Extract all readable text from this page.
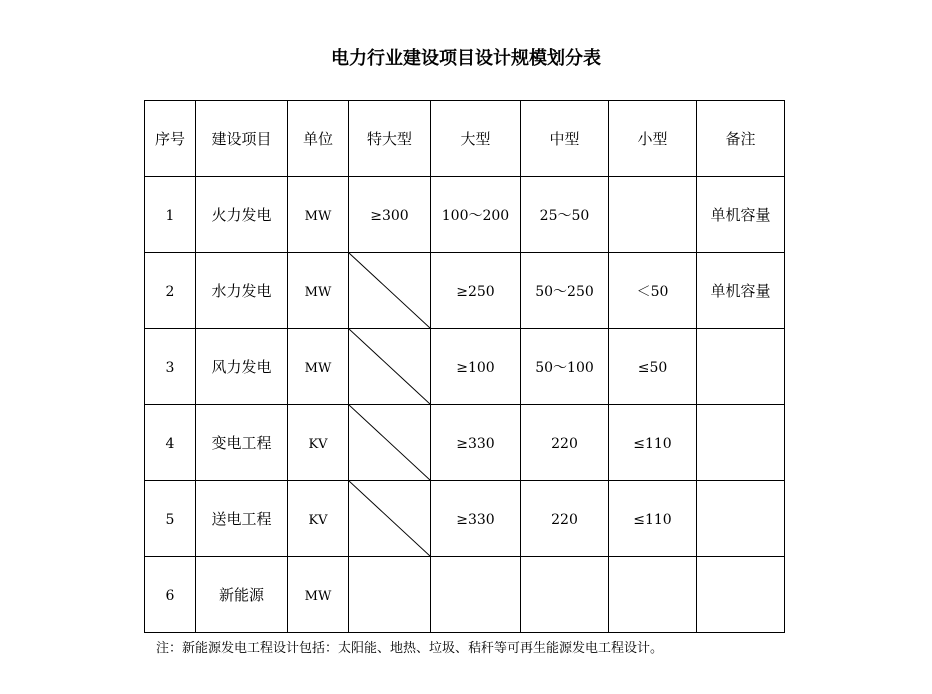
电力行业建设项目设计规模划分表
序号	建设项目	单位	特大型	大型	中型	小型	备注
1	火力发电	MW	≥300	100～200	25～50		单机容量
2	水力发电	MW		≥250	50～250	＜50	单机容量
3	风力发电	MW		≥100	50～100	≤50	
4	变电工程	KV		≥330	220	≤110	
5	送电工程	KV		≥330	220	≤110	
6	新能源	MW					
注：新能源发电工程设计包括：太阳能、地热、垃圾、秸秆等可再生能源发电工程设计。
